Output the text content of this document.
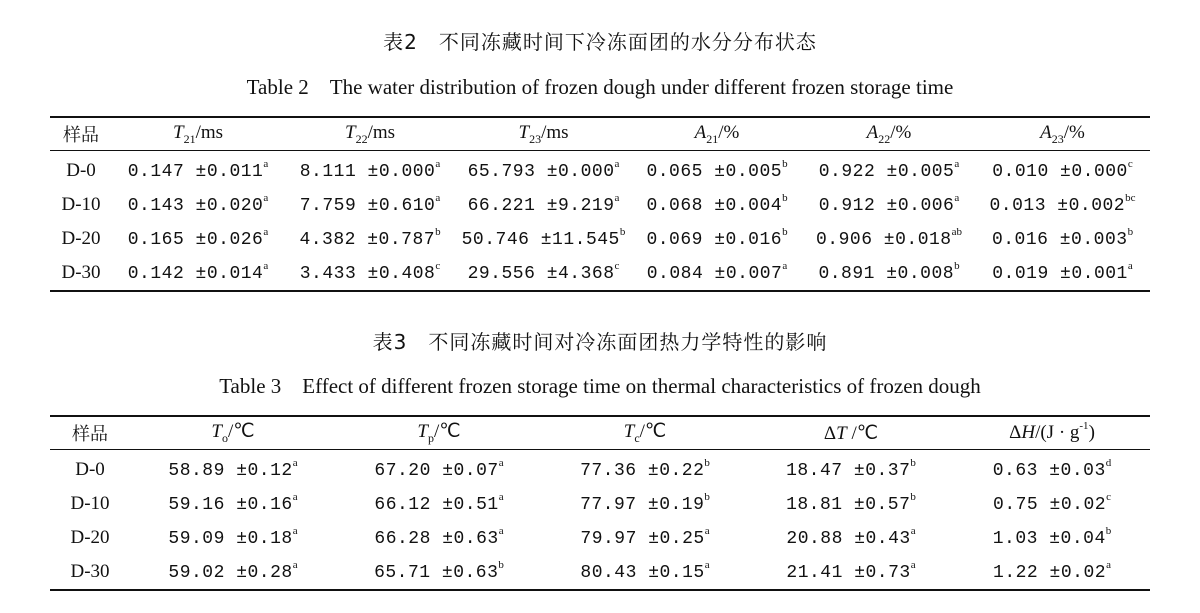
表2　不同冻藏时间下冷冻面团的水分分布状态
Table 2　The water distribution of frozen dough under different frozen storage time
样品	$T_{21}/ms$	$T_{22}/ms$	$T_{23}/ms$	$A_{21}/\%$	$A_{22}/\%$	$A_{23}/\%$
D-0	0.147 ±0.011$^a$	8.111 ±0.000$^a$	65.793 ±0.000$^a$	0.065 ±0.005$^b$	0.922 ±0.005$^a$	0.010 ±0.000$^c$
D-10	0.143 ±0.020$^a$	7.759 ±0.610$^a$	66.221 ±9.219$^a$	0.068 ±0.004$^b$	0.912 ±0.006$^a$	0.013 ±0.002$^{bc}$
D-20	0.165 ±0.026$^a$	4.382 ±0.787$^b$	50.746 ±11.545$^b$	0.069 ±0.016$^b$	0.906 ±0.018$^{ab}$	0.016 ±0.003$^b$
D-30	0.142 ±0.014$^a$	3.433 ±0.408$^c$	29.556 ±4.368$^c$	0.084 ±0.007$^a$	0.891 ±0.008$^b$	0.019 ±0.001$^a$
表3　不同冻藏时间对冷冻面团热力学特性的影响
Table 3　Effect of different frozen storage time on thermal characteristics of frozen dough
样品	$T_o/℃$	$T_p/℃$	$T_c/℃$	ΔT /℃	$\Delta H/(J \cdot g^{-1})$
D-0	58.89 ±0.12$^a$	67.20 ±0.07$^a$	77.36 ±0.22$^b$	18.47 ±0.37$^b$	0.63 ±0.03$^d$
D-10	59.16 ±0.16$^a$	66.12 ±0.51$^a$	77.97 ±0.19$^b$	18.81 ±0.57$^b$	0.75 ±0.02$^c$
D-20	59.09 ±0.18$^a$	66.28 ±0.63$^a$	79.97 ±0.25$^a$	20.88 ±0.43$^a$	1.03 ±0.04$^b$
D-30	59.02 ±0.28$^a$	65.71 ±0.63$^b$	80.43 ±0.15$^a$	21.41 ±0.73$^a$	1.22 ±0.02$^a$
